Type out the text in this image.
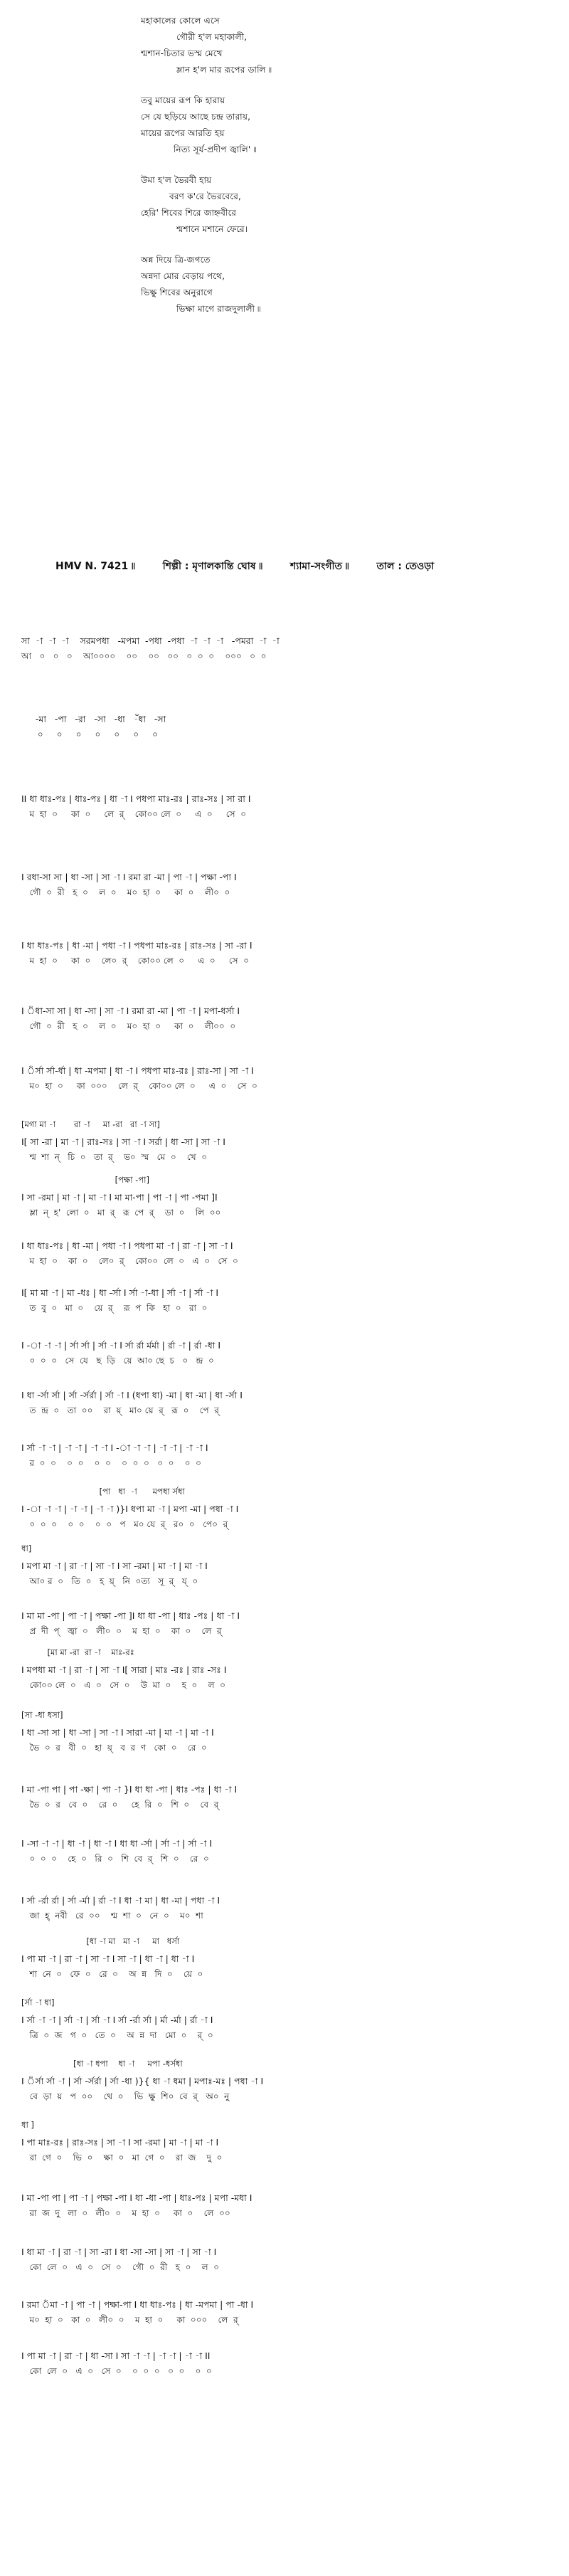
মহাকালের কোলে এসে
গৌরী হ'ল মহাকালী,
শ্মশান-চিতার ভস্ম মেখে
ম্লান হ'ল মার রূপের ডালি ৷৷
তবু মায়ের রূপ কি হারায়
সে যে ছড়িয়ে আছে চন্দ্র তারায়,
মায়ের রূপের আরতি হয়
নিত্য সূর্য-প্রদীপ জ্বালি' ৷৷
উমা হ'ল ভৈরবী হায়
বরণ ক'রে ভৈরবেরে,
হেরি' শিবের শিরে জাহ্নবীরে
শ্মশানে মশানে ফেরে।
অন্ন দিয়ে ত্রি-জগতে
অন্নদা মোর বেড়ায় পথে,
ভিক্ষু শিবের অনুরাগে
ভিক্ষা মাগে রাজদুলালী ৷৷
HMV N. 7421 ৷৷	শিল্পী : মৃণালকান্তি ঘোষ ৷৷	শ্যামা-সংগীত ৷৷	তাল : তেওড়া
সা  -া  -া  -া    সরমপধা   -মপমা  -পধা  -পধা  -া  -া  -া   -পমরা  -া  -া
আ   ০   ০   ০    আ০০০০    ০০    ০০   ০০   ০  ০  ০    ০০০   ০  ০
-মা   -পা   -রা   -সা   -ধা   -ঁধা   -সা
০     ০     ০     ০     ০     ০     ০
II ধা ধাঃ-পঃ | ধাঃ-পঃ | ধা -া I পধপা মাঃ-রঃ | রাঃ-সঃ | সা রা I
ম  হা  ০     কা  ০     লে  র্    কো০০ লে  ০     এ  ০     সে  ০
I রধা-সা সা | ধা -সা | সা -া I রমা রা -মা | পা -া | পক্ষা -পা I
গৌ  ০  রী   হ  ০    ল  ০    ম০  হা  ০     কা  ০    লী০  ০
I ধা ধাঃ-পঃ | ধা -মা | পধা -া I পধপা মাঃ-রঃ | রাঃ-সঃ | সা -রা I
ম  হা  ০     কা  ০    লে০  র্    কো০০ লে  ০     এ  ০     সে  ০
I ঁধা-সা সা | ধা -সা | সা -া I রমা রা -মা | পা -া | মপা-ধর্সা I
গৌ  ০  রী   হ  ০    ল  ০    ম০  হা  ০     কা  ০    লী০০  ০
I ঁর্সা র্সা-র্ধা | ধা -মপমা | ধা -া I পধপা মাঃ-রঃ | রাঃ-সা | সা -া I
ম০  হা  ০     কা  ০০০    লে  র্    কো০০ লে  ০     এ  ০    সে  ০
[মগা মা -া       রা -া     মা -রা   রা -া সা]
I[ সা -রা | মা -া | রাঃ-সঃ | সা -া I সর্রা | ধা -সা | সা -া I
শ্ম  শা  ন্   চি  ০   তা  র্    ভ০  স্ম   মে  ০    খে  ০
[পক্ষা -পা]
I সা -রমা | মা -া | মা -া I মা মা-পা | পা -া | পা -পমা ]I
ম্লা  ন্  হ'  লো  ০   মা  র্   রূ  পে  র্    ডা  ০    লি  ০০
I ধা ধাঃ-পঃ | ধা -মা | পধা -া I পধপা মা -া | রা -া | সা -া I
ম  হা  ০    কা  ০    লে০  র্    কো০০  লে  ০   এ  ০   সে  ০
I[ মা মা -া | মা -ধঃ | ধা -র্সা I র্সা -া-ধা | র্সা -া | র্সা -া I
ত  বু  ০   মা  ০    য়ে  র্    রূ  প  কি   হা  ০   রা  ০
I -া -া -া | র্সা র্সা | র্সা -া I র্সা র্রা র্মর্মা | র্রা -া | র্রা -ধা I
০  ০  ০   সে  যে   ছ  ড়ি   য়ে  আ০ ছে  চ   ০   ন্দ্র  ০
I ধা -র্সা র্সা | র্সা -র্সর্রা | র্সা -া I (ধপা ধা) -মা | ধা -মা | ধা -র্সা I
ত  ন্দ্র  ০   তা  ০০    রা  য়্   মা০ য়ে  র্   রূ  ০    পে  র্
I র্সা -া -া | -া -া | -া -া I -া -া -া | -া -া | -া -া I
র  ০  ০    ০  ০    ০  ০    ০  ০  ০   ০  ০    ০  ০
[পা   ধা  -া      মপধা র্সধা
I -া -া -া | -া -া | -া -া )}I ধপা মা -া | মপা -মা | পধা -া I
০  ০  ০    ০  ০    ০  ০   প   ম০ যে  র্   র০  ০   পে০  র্
ধা]
I মপা মা -া | রা -া | সা -া I সা -রমা | মা -া | মা -া I
আ০ র  ০   তি  ০   হ  য়্   নি  ০ত্য   সূ  র্   য্  ০
I মা মা -পা | পা -া | পক্ষা -পা ]I ধা ধা -পা | ধাঃ -পঃ | ধা -া I
প্র  দী  প্   জ্বা  ০   লী০  ০    ম  হা  ০    কা  ০    লে  র্
[মা মা -রা  রা -া    মাঃ-রঃ
I মপধা মা -া | রা -া | সা -া I[ সারা | মাঃ -রঃ | রাঃ -সঃ I
কো০০ লে  ০   এ  ০   সে  ০    উ  মা  ০    হ  ০    ল  ০
[সা -ধা ধসা]
I ধা -সা সা | ধা -সা | সা -া I সারা -মা | মা -া | মা -া I
ভৈ  ০  র   বী  ০   হা  য়্   ব  র  ণ   কো  ০    রে  ০
I মা -পা পা | পা -ক্ষা | পা -া }I ধা ধা -পা | ধাঃ -পঃ | ধা -া I
ভৈ  ০  র   বে  ০    রে  ০     হে  রি  ০   শি  ০    বে  র্
I -সা -া -া | ধা -া | ধা -া I ধা ধা -র্সা | র্সা -া | র্সা -া I
০  ০  ০    হে  ০   রি  ০   শি  বে  র্   শি  ০    রে  ০
I র্সা -র্রা র্রা | র্সা -র্মা | র্রা -া I ধা -া মা | ধা -মা | পধা -া I
জা  হ্  নবী   রে  ০০    শ্ম  শা  ০   নে  ০    ম০  শা
[ধা -া মা   মা -া     মা   ধর্সা
I পা মা -া | রা -া | সা -া I সা -া | ধা -া | ধা -া I
শা  নে  ০   ফে  ০   রে  ০    অ  ন্ন   দি  ০    য়ে  ০
[র্সা -া ধা]
I র্সা -া -া | র্সা -া | র্সা -া I র্সা -র্রা র্সা | র্মা -র্মা | র্রা -া I
ত্রি  ০  জ   গ  ০   তে  ০    অ  ন্ন  দা   মো  ০    র্  ০
[ধা -া ধপা    ধা -া     মপা -ধর্সধা
I ঁর্সা র্সা -া | র্সা -র্সর্রা | র্সা -ধা )}{ ধা -া ধমা | মপাঃ-মঃ | পধা -া I
বে  ড়া  য়   প  ০০    থে  ০    ভি  ক্ষু  শি০  বে  র্   অ০  নু
ধা ]
I পা মাঃ-রঃ | রাঃ-সঃ | সা -া I সা -রমা | মা -া | মা -া I
রা  গে  ০    ভি  ০    ক্ষা  ০   মা  গে  ০    রা  জ    দু  ০
I মা -পা পা | পা -া | পক্ষা -পা I ধা -ধা -পা | ধাঃ-পঃ | মপা -মধা I
রা  জ  দু   লা  ০   লী০  ০    ম  হা  ০     কা  ০    লে  ০০
I ধা মা -া | রা -া | সা -রা I ধা -সা -সা | সা -া | সা -া I
কো  লে  ০   এ  ০   সে  ০    গৌ  ০  রী   হ  ০    ল  ০
I রমা ঁমা -া | পা -া | পক্ষা-পা I ধা ধাঃ-পঃ | ধা -মপমা | পা -ধা I
ম০  হা  ০   কা  ০   লী০  ০    ম  হা  ০     কা  ০০০    লে  র্
I পা মা -া | রা -া | ধা -সা I সা -া -া | -া -া | -া -া II
কো  লে  ০   এ  ০   সে  ০    ০  ০  ০   ০  ০    ০  ০
